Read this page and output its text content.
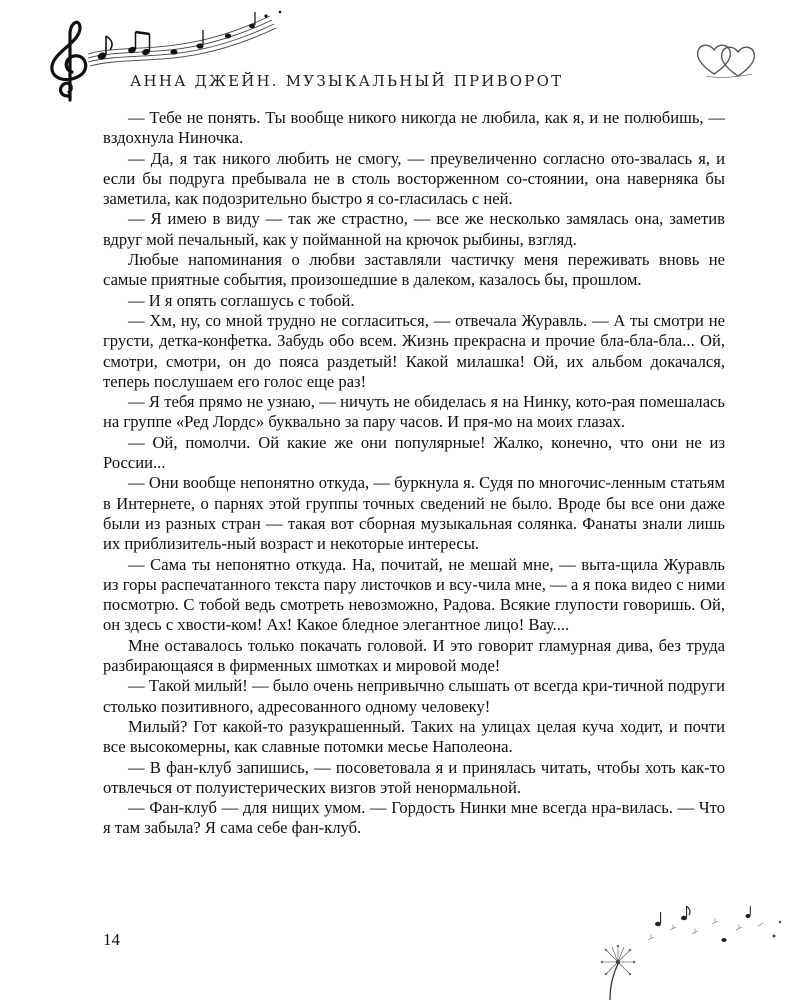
АННА ДЖЕЙН. МУЗЫКАЛЬНЫЙ ПРИВОРОТ

— Тебе не понять. Ты вообще никого никогда не любила, как я, и не полюбишь, — вздохнула Ниночка.

— Да, я так никого любить не смогу, — преувеличенно согласно ото-звалась я, и если бы подруга пребывала не в столь восторженном со-стоянии, она наверняка бы заметила, как подозрительно быстро я со-гласилась с ней.

— Я имею в виду — так же страстно, — все же несколько замялась она, заметив вдруг мой печальный, как у пойманной на крючок рыбины, взгляд.

Любые напоминания о любви заставляли частичку меня переживать вновь не самые приятные события, произошедшие в далеком, казалось бы, прошлом.

— И я опять соглашусь с тобой.

— Хм, ну, со мной трудно не согласиться, — отвечала Журавль. — А ты смотри не грусти, детка-конфетка. Забудь обо всем. Жизнь прекрасна и прочие бла-бла-бла... Ой, смотри, смотри, он до пояса раздетый! Какой милашка! Ой, их альбом докачался, теперь послушаем его голос еще раз!

— Я тебя прямо не узнаю, — ничуть не обиделась я на Нинку, кото-рая помешалась на группе «Ред Лордс» буквально за пару часов. И пря-мо на моих глазах.

— Ой, помолчи. Ой какие же они популярные! Жалко, конечно, что они не из России...

— Они вообще непонятно откуда, — буркнула я. Судя по многочис-ленным статьям в Интернете, о парнях этой группы точных сведений не было. Вроде бы все они даже были из разных стран — такая вот сборная музыкальная солянка. Фанаты знали лишь их приблизитель-ный возраст и некоторые интересы.

— Сама ты непонятно откуда. На, почитай, не мешай мне, — выта-щила Журавль из горы распечатанного текста пару листочков и всу-чила мне, — а я пока видео с ними посмотрю. С тобой ведь смотреть невозможно, Радова. Всякие глупости говоришь. Ой, он здесь с хвости-ком! Ах! Какое бледное элегантное лицо! Вау....

Мне оставалось только покачать головой. И это говорит гламурная дива, без труда разбирающаяся в фирменных шмотках и мировой моде!

— Такой милый! — было очень непривычно слышать от всегда кри-тичной подруги столько позитивного, адресованного одному человеку!

Милый? Гот какой-то разукрашенный. Таких на улицах целая куча ходит, и почти все высокомерны, как славные потомки месье Наполеона.

— В фан-клуб запишись, — посоветовала я и принялась читать, чтобы хоть как-то отвлечься от полуистерических визгов этой ненормальной.

— Фан-клуб — для нищих умом. — Гордость Нинки мне всегда нра-вилась. — Что я там забыла? Я сама себе фан-клуб.

14
